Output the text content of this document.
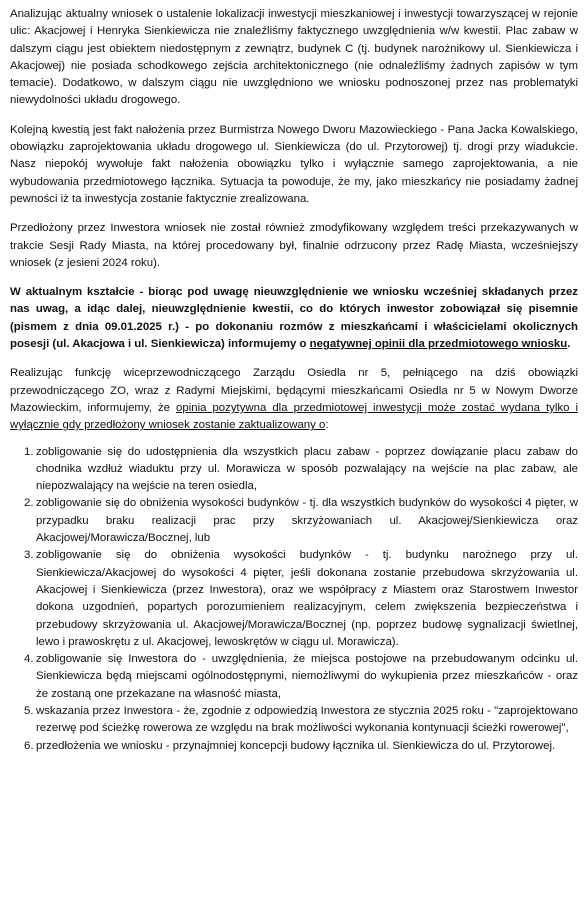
Analizując aktualny wniosek o ustalenie lokalizacji inwestycji mieszkaniowej i inwestycji towarzyszącej w rejonie ulic: Akacjowej i Henryka Sienkiewicza nie znaleźliśmy faktycznego uwzględnienia w/w kwestii. Plac zabaw w dalszym ciągu jest obiektem niedostępnym z zewnątrz, budynek C (tj. budynek narożnikowy ul. Sienkiewicza i Akacjowej) nie posiada schodkowego zejścia architektonicznego (nie odnaleźliśmy żadnych zapisów w tym temacie). Dodatkowo, w dalszym ciągu nie uwzględniono we wniosku podnoszonej przez nas problematyki niewydolności układu drogowego.

Kolejną kwestią jest fakt nałożenia przez Burmistrza Nowego Dworu Mazowieckiego - Pana Jacka Kowalskiego, obowiązku zaprojektowania układu drogowego ul. Sienkiewicza (do ul. Przytorowej) tj. drogi przy wiadukcie. Nasz niepokój wywołuje fakt nałożenia obowiązku tylko i wyłącznie samego zaprojektowania, a nie wybudowania przedmiotowego łącznika. Sytuacja ta powoduje, że my, jako mieszkańcy nie posiadamy żadnej pewności iż ta inwestycja zostanie faktycznie zrealizowana.

Przedłożony przez Inwestora wniosek nie został również zmodyfikowany względem treści przekazywanych w trakcie Sesji Rady Miasta, na której procedowany był, finalnie odrzucony przez Radę Miasta, wcześniejszy wniosek (z jesieni 2024 roku).

W aktualnym kształcie - biorąc pod uwagę nieuwzględnienie we wniosku wcześniej składanych przez nas uwag, a idąc dalej, nieuwzględnienie kwestii, co do których inwestor zobowiązał się pisemnie (pismem z dnia 09.01.2025 r.) - po dokonaniu rozmów z mieszkańcami i właścicielami okolicznych posesji (ul. Akacjowa i ul. Sienkiewicza) informujemy o negatywnej opinii dla przedmiotowego wniosku.

Realizując funkcję wiceprzewodniczącego Zarządu Osiedla nr 5, pełniącego na dziś obowiązki przewodniczącego ZO, wraz z Radymi Miejskimi, będącymi mieszkańcami Osiedla nr 5 w Nowym Dworze Mazowieckim, informujemy, że opinia pozytywna dla przedmiotowej inwestycji może zostać wydana tylko i wyłącznie gdy przedłożony wniosek zostanie zaktualizowany o:

1. zobligowanie się do udostępnienia dla wszystkich placu zabaw - poprzez dowiązanie placu zabaw do chodnika wzdłuż wiaduktu przy ul. Morawicza w sposób pozwalający na wejście na plac zabaw, ale niepozwalający na wejście na teren osiedla,
2. zobligowanie się do obniżenia wysokości budynków - tj. dla wszystkich budynków do wysokości 4 pięter, w przypadku braku realizacji prac przy skrzyżowaniach ul. Akacjowej/Sienkiewicza oraz Akacjowej/Morawicza/Bocznej, lub
3. zobligowanie się do obniżenia wysokości budynków - tj. budynku narożnego przy ul. Sienkiewicza/Akacjowej do wysokości 4 pięter, jeśli dokonana zostanie przebudowa skrzyżowania ul. Akacjowej i Sienkiewicza (przez Inwestora), oraz we współpracy z Miastem oraz Starostwem Inwestor dokona uzgodnień, popartych porozumieniem realizacyjnym, celem zwiększenia bezpieczeństwa i przebudowy skrzyżowania ul. Akacjowej/Morawicza/Bocznej (np. poprzez budowę sygnalizacji świetlnej, lewo i prawoskrętu z ul. Akacjowej, lewoskrętów w ciągu ul. Morawicza).
4. zobligowanie się Inwestora do - uwzględnienia, że miejsca postojowe na przebudowanym odcinku ul. Sienkiewicza będą miejscami ogólnodostępnymi, niemożliwymi do wykupienia przez mieszkańców - oraz że zostaną one przekazane na własność miasta,
5. wskazania przez Inwestora - że, zgodnie z odpowiedzią Inwestora ze stycznia 2025 roku - "zaprojektowano rezerwę pod ścieżkę rowerowa ze względu na brak możliwości wykonania kontynuacji ścieżki rowerowej",
6. przedłożenia we wniosku - przynajmniej koncepcji budowy łącznika ul. Sienkiewicza do ul. Przytorowej.
